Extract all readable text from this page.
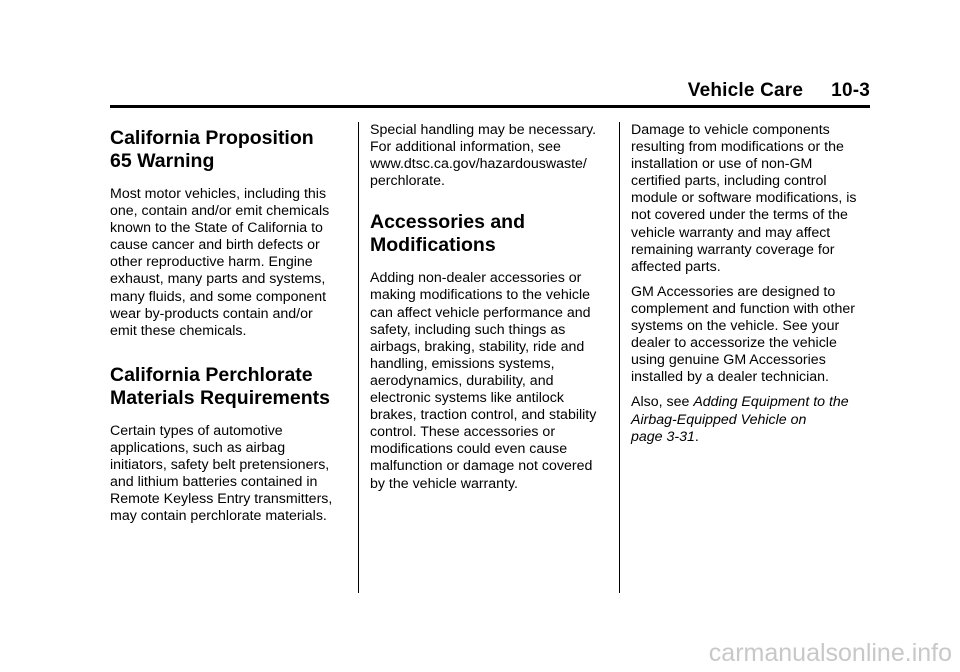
Vehicle Care 10-3
California Proposition
65 Warning

Most motor vehicles, including this
one, contain and/or emit chemicals
known to the State of California to
cause cancer and birth defects or
other reproductive harm. Engine
exhaust, many parts and systems,
many fluids, and some component
wear by-products contain and/or
emit these chemicals.

California Perchlorate
Materials Requirements

Certain types of automotive
applications, such as airbag
initiators, safety belt pretensioners,
and lithium batteries contained in
Remote Keyless Entry transmitters,
may contain perchlorate materials.

Special handling may be necessary.
For additional information, see
www.dtsc.ca.gov/hazardouswaste/
perchlorate.

Accessories and
Modifications

Adding non-dealer accessories or
making modifications to the vehicle
can affect vehicle performance and
safety, including such things as
airbags, braking, stability, ride and
handling, emissions systems,
aerodynamics, durability, and
electronic systems like antilock
brakes, traction control, and stability
control. These accessories or
modifications could even cause
malfunction or damage not covered
by the vehicle warranty.

Damage to vehicle components
resulting from modifications or the
installation or use of non-GM
certified parts, including control
module or software modifications, is
not covered under the terms of the
vehicle warranty and may affect
remaining warranty coverage for
affected parts.

GM Accessories are designed to
complement and function with other
systems on the vehicle. See your
dealer to accessorize the vehicle
using genuine GM Accessories
installed by a dealer technician.

Also, see Adding Equipment to the
Airbag-Equipped Vehicle on
page 3-31.

carmanualsonline.info
